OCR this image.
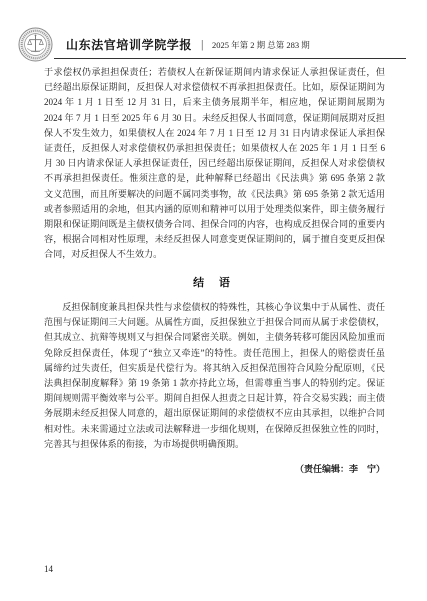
山东法官培训学院学报 | 2025 年第 2 期 总第 283 期
于求偿权仍承担担保责任；若债权人在新保证期间内请求保证人承担保证责任，但
已经超出原保证期间，反担保人对求偿债权不再承担担保责任。比如，原保证期间为
2024 年 1 月 1 日至 12 月 31 日，后来主债务展期半年，相应地，保证期间展期为
2024 年 7 月 1 日至 2025 年 6 月 30 日。未经反担保人书面同意，保证期间展期对反担
保人不发生效力，如果债权人在 2024 年 7 月 1 日至 12 月 31 日内请求保证人承担保
证责任，反担保人对求偿债权仍承担担保责任；如果债权人在 2025 年 1 月 1 日至 6
月 30 日内请求保证人承担保证责任，因已经超出原保证期间，反担保人对求偿债权
不再承担担保责任。惟须注意的是，此种解释已经超出《民法典》第 695 条第 2 款
文义范围，而且所要解决的问题不属同类事物，故《民法典》第 695 条第 2 款无适用
或者参照适用的余地，但其内涵的原则和精神可以用于处理类似案件，即主债务履行
期限和保证期间既是主债权债务合同、担保合同的内容，也构成反担保合同的重要内
容，根据合同相对性原理，未经反担保人同意变更保证期间的，属于擅自变更反担保
合同，对反担保人不生效力。
结 语
反担保制度兼具担保共性与求偿债权的特殊性，其核心争议集中于从属性、责任
范围与保证期间三大问题。从属性方面，反担保独立于担保合同而从属于求偿债权，
但其成立、抗辩等规则又与担保合同紧密关联。例如，主债务转移可能因风险加重而
免除反担保责任，体现了“独立又牵连”的特性。责任范围上，担保人的赔偿责任虽
属缔约过失责任，但实质是代偿行为。将其纳入反担保范围符合风险分配原则，《民
法典担保制度解释》第 19 条第 1 款亦持此立场，但需尊重当事人的特别约定。保证
期间规则需平衡效率与公平。期间自担保人担责之日起计算，符合交易实践；而主债
务展期未经反担保人同意的，超出原保证期间的求偿债权不应由其承担，以维护合同
相对性。未来需通过立法或司法解释进一步细化规则，在保障反担保独立性的同时，
完善其与担保体系的衔接，为市场提供明确预期。
（责任编辑：李　宁）
14
